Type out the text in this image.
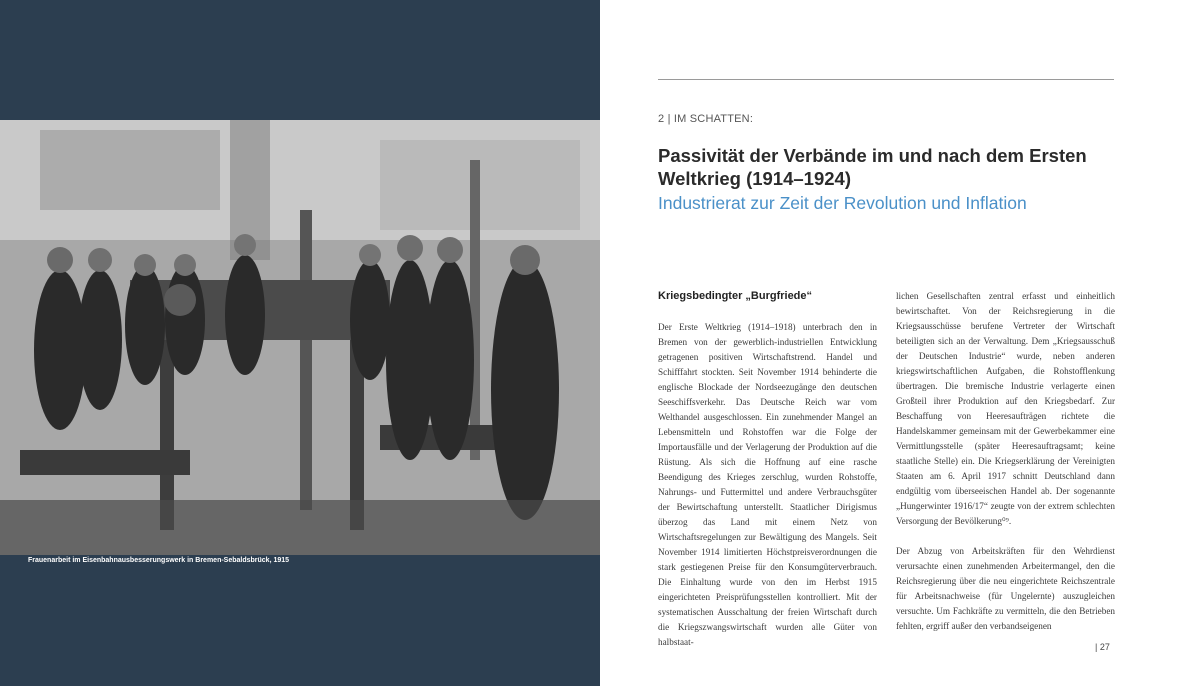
Frauenarbeit im Eisenbahnausbesserungswerk in Bremen-Sebaldsbrück, 1915
2 | IM SCHATTEN:
Passivität der Verbände im und nach dem Ersten Weltkrieg (1914–1924)
Industrierat zur Zeit der Revolution und Inflation
Kriegsbedingter „Burgfriede“

Der Erste Weltkrieg (1914–1918) unterbrach den in Bremen von der gewerblich-industriellen Entwicklung getragenen positiven Wirtschaftstrend. Handel und Schifffahrt stockten. Seit November 1914 behinderte die englische Blockade der Nordseezugänge den deutschen Seeschiffsverkehr. Das Deutsche Reich war vom Welthandel ausgeschlossen. Ein zunehmender Mangel an Lebensmitteln und Rohstoffen war die Folge der Importausfälle und der Verlagerung der Produktion auf die Rüstung. Als sich die Hoffnung auf eine rasche Beendigung des Krieges zerschlug, wurden Rohstoffe, Nahrungs- und Futtermittel und andere Verbrauchsgüter der Bewirtschaftung unterstellt. Staatlicher Dirigismus überzog das Land mit einem Netz von Wirtschaftsregelungen zur Bewältigung des Mangels. Seit November 1914 limitierten Höchstpreisverordnungen die stark gestiegenen Preise für den Konsumgüterverbrauch. Die Einhaltung wurde von den im Herbst 1915 eingerichteten Preisprüfungsstellen kontrolliert. Mit der systematischen Ausschaltung der freien Wirtschaft durch die Kriegszwangswirtschaft wurden alle Güter von halbstaat-

lichen Gesellschaften zentral erfasst und einheitlich bewirtschaftet. Von der Reichsregierung in die Kriegsausschüsse berufene Vertreter der Wirtschaft beteiligten sich an der Verwaltung. Dem „Kriegsausschuß der Deutschen Industrie“ wurde, neben anderen kriegswirtschaftlichen Aufgaben, die Rohstofflenkung übertragen. Die bremische Industrie verlagerte einen Großteil ihrer Produktion auf den Kriegsbedarf. Zur Beschaffung von Heeresaufträgen richtete die Handelskammer gemeinsam mit der Gewerbekammer eine Vermittlungsstelle (später Heeresauftragsamt; keine staatliche Stelle) ein. Die Kriegserklärung der Vereinigten Staaten am 6. April 1917 schnitt Deutschland dann endgültig vom überseeischen Handel ab. Der sogenannte „Hungerwinter 1916/17“ zeugte von der extrem schlechten Versorgung der Bevölkerung⁰⁹.

Der Abzug von Arbeitskräften für den Wehrdienst verursachte einen zunehmenden Arbeitermangel, den die Reichsregierung über die neu eingerichtete Reichszentrale für Arbeitsnachweise (für Ungelernte) auszugleichen versuchte. Um Fachkräfte zu vermitteln, die den Betrieben fehlten, ergriff außer den verbandseigenen

| 27
